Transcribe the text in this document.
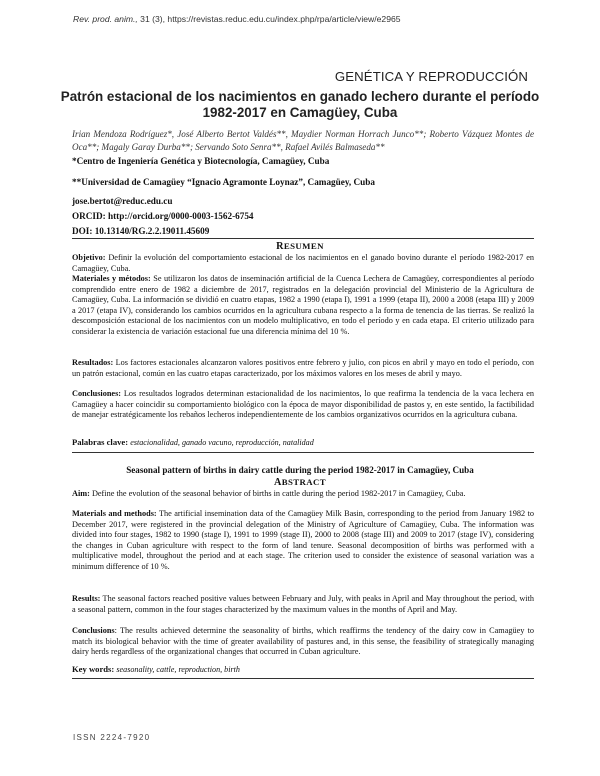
Rev. prod. anim., 31 (3), https://revistas.reduc.edu.cu/index.php/rpa/article/view/e2965
GENÉTICA Y REPRODUCCIÓN
Patrón estacional de los nacimientos en ganado lechero durante el período 1982-2017 en Camagüey, Cuba
Irian Mendoza Rodríguez*, José Alberto Bertot Valdés**, Maydier Norman Horrach Junco**; Roberto Vázquez Montes de Oca**; Magaly Garay Durba**; Servando Soto Senra**, Rafael Avilés Balmaseda**
*Centro de Ingeniería Genética y Biotecnología, Camagüey, Cuba
**Universidad de Camagüey “Ignacio Agramonte Loynaz”, Camagüey, Cuba
jose.bertot@reduc.edu.cu
ORCID: http://orcid.org/0000-0003-1562-6754
DOI: 10.13140/RG.2.2.19011.45609
RESUMEN
Objetivo: Definir la evolución del comportamiento estacional de los nacimientos en el ganado bovino durante el período 1982-2017 en Camagüey, Cuba.
Materiales y métodos: Se utilizaron los datos de inseminación artificial de la Cuenca Lechera de Camagüey, correspondientes al período comprendido entre enero de 1982 a diciembre de 2017, registrados en la delegación provincial del Ministerio de la Agricultura de Camagüey, Cuba. La información se dividió en cuatro etapas, 1982 a 1990 (etapa I), 1991 a 1999 (etapa II), 2000 a 2008 (etapa III) y 2009 a 2017 (etapa IV), considerando los cambios ocurridos en la agricultura cubana respecto a la forma de tenencia de las tierras. Se realizó la descomposición estacional de los nacimientos con un modelo multiplicativo, en todo el período y en cada etapa. El criterio utilizado para considerar la existencia de variación estacional fue una diferencia mínima del 10 %.
Resultados: Los factores estacionales alcanzaron valores positivos entre febrero y julio, con picos en abril y mayo en todo el período, con un patrón estacional, común en las cuatro etapas caracterizado, por los máximos valores en los meses de abril y mayo.
Conclusiones: Los resultados logrados determinan estacionalidad de los nacimientos, lo que reafirma la tendencia de la vaca lechera en Camagüey a hacer coincidir su comportamiento biológico con la época de mayor disponibilidad de pastos y, en este sentido, la factibilidad de manejar estratégicamente los rebaños lecheros independientemente de los cambios organizativos ocurridos en la agricultura cubana.
Palabras clave: estacionalidad, ganado vacuno, reproducción, natalidad
Seasonal pattern of births in dairy cattle during the period 1982-2017 in Camagüey, Cuba
ABSTRACT
Aim: Define the evolution of the seasonal behavior of births in cattle during the period 1982-2017 in Camagüey, Cuba.
Materials and methods: The artificial insemination data of the Camagüey Milk Basin, corresponding to the period from January 1982 to December 2017, were registered in the provincial delegation of the Ministry of Agriculture of Camagüey, Cuba. The information was divided into four stages, 1982 to 1990 (stage I), 1991 to 1999 (stage II), 2000 to 2008 (stage III) and 2009 to 2017 (stage IV), considering the changes in Cuban agriculture with respect to the form of land tenure. Seasonal decomposition of births was performed with a multiplicative model, throughout the period and at each stage. The criterion used to consider the existence of seasonal variation was a minimum difference of 10 %.
Results: The seasonal factors reached positive values between February and July, with peaks in April and May throughout the period, with a seasonal pattern, common in the four stages characterized by the maximum values in the months of April and May.
Conclusions: The results achieved determine the seasonality of births, which reaffirms the tendency of the dairy cow in Camagüey to match its biological behavior with the time of greater availability of pastures and, in this sense, the feasibility of strategically managing dairy herds regardless of the organizational changes that occurred in Cuban agriculture.
Key words: seasonality, cattle, reproduction, birth
ISSN 2224-7920
